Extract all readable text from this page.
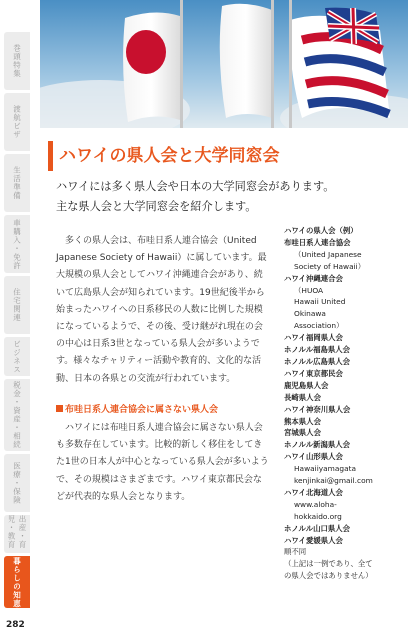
巻頭特集
渡航ビザ
生活準備
車購入・免許
住宅関連
ビジネス
税金・資産・相続
医療・保険
出産・育児・教育
暮らしの知恵
ハワイの県人会と大学同窓会
ハワイには多く県人会や日本の大学同窓会があります。
主な県人会と大学同窓会を紹介します。

多くの県人会は、布哇日系人連合協会（United Japanese Society of Hawaii）に属しています。最大規模の県人会としてハワイ沖縄連合会があり、続いて広島県人会が知られています。19世紀後半から始まったハワイへの日系移民の人数に比例した規模になっているようで、その後、受け継がれ現在の会の中心は日系3世となっている県人会が多いようです。様々なチャリティー活動や教育的、文化的な活動、日本の各県との交流が行われています。

布哇日系人連合協会に属さない県人会

ハワイには布哇日系人連合協会に属さない県人会も多数存在しています。比較的新しく移住をしてきた1世の日本人が中心となっている県人会が多いようで、その規模はさまざまです。ハワイ東京都民会などが代表的な県人会となります。

ハワイの県人会（例）
布哇日系人連合協会
（United Japanese
Society of Hawaii）
ハワイ沖縄連合会
（HUOA
Hawaii United
Okinawa
Association）
ハワイ福岡県人会
ホノルル福島県人会
ホノルル広島県人会
ハワイ東京都民会
鹿児島県人会
長崎県人会
ハワイ神奈川県人会
熊本県人会
宮城県人会
ホノルル新潟県人会
ハワイ山形県人会
Hawaiiyamagata
kenjinkai@gmail.com
ハワイ北海道人会
www.aloha-
hokkaido.org
ホノルル山口県人会
ハワイ愛媛県人会
順不同
（上記は一例であり、全て
の県人会ではありません）
282
